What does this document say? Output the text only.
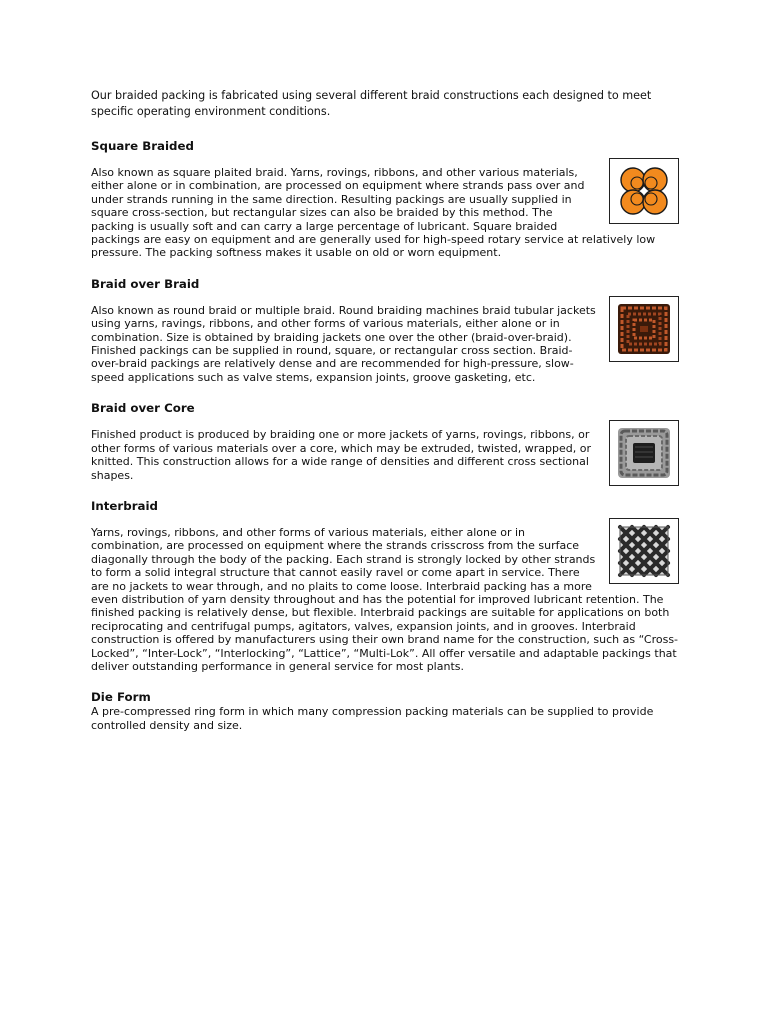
Our braided packing is fabricated using several different braid constructions each designed to meet specific operating environment conditions.

Square Braided

Also known as square plaited braid. Yarns, rovings, ribbons, and other various materials, either alone or in combination, are processed on equipment where strands pass over and under strands running in the same direction. Resulting packings are usually supplied in square cross-section, but rectangular sizes can also be braided by this method. The packing is usually soft and can carry a large percentage of lubricant. Square braided packings are easy on equipment and are generally used for high-speed rotary service at relatively low pressure. The packing softness makes it usable on old or worn equipment.

Braid over Braid

Also known as round braid or multiple braid. Round braiding machines braid tubular jackets using yarns, ravings, ribbons, and other forms of various materials, either alone or in combination. Size is obtained by braiding jackets one over the other (braid-over-braid). Finished packings can be supplied in round, square, or rectangular cross section. Braid-over-braid packings are relatively dense and are recommended for high-pressure, slow-speed applications such as valve stems, expansion joints, groove gasketing, etc.

Braid over Core

Finished product is produced by braiding one or more jackets of yarns, rovings, ribbons, or other forms of various materials over a core, which may be extruded, twisted, wrapped, or knitted. This construction allows for a wide range of densities and different cross sectional shapes.

Interbraid

Yarns, rovings, ribbons, and other forms of various materials, either alone or in combination, are processed on equipment where the strands crisscross from the surface diagonally through the body of the packing. Each strand is strongly locked by other strands to form a solid integral structure that cannot easily ravel or come apart in service. There are no jackets to wear through, and no plaits to come loose. Interbraid packing has a more even distribution of yarn density throughout and has the potential for improved lubricant retention. The finished packing is relatively dense, but flexible. Interbraid packings are suitable for applications on both reciprocating and centrifugal pumps, agitators, valves, expansion joints, and in grooves. Interbraid construction is offered by manufacturers using their own brand name for the construction, such as “Cross-Locked”, “Inter-Lock”, “Interlocking”, “Lattice”, “Multi-Lok”. All offer versatile and adaptable packings that deliver outstanding performance in general service for most plants.

Die Form

A pre-compressed ring form in which many compression packing materials can be supplied to provide controlled density and size.
